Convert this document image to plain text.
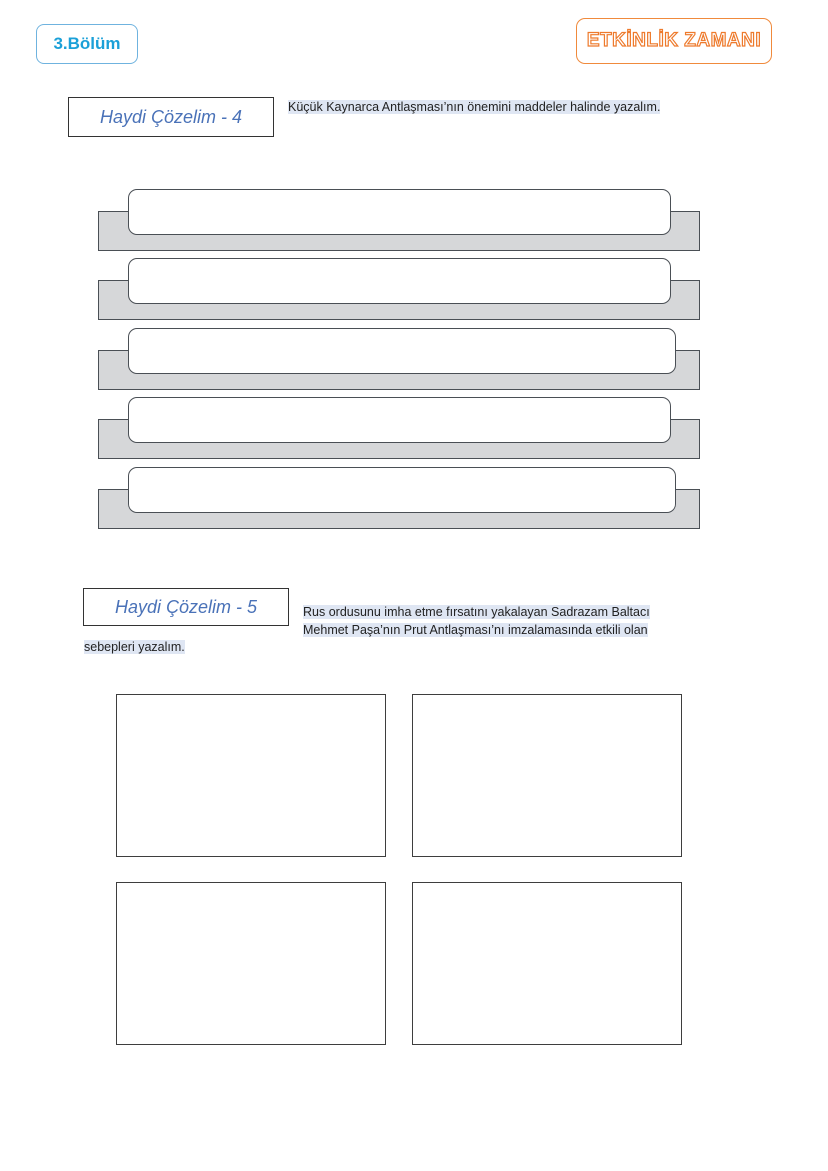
3.Bölüm	ETKİNLİK ZAMANI
Haydi Çözelim - 4	Küçük Kaynarca Antlaşması’nın önemini maddeler halinde yazalım.
Haydi Çözelim - 5	Rus ordusunu imha etme fırsatını yakalayan Sadrazam Baltacı
Mehmet Paşa’nın Prut Antlaşması’nı imzalamasında etkili olan
sebepleri yazalım.
